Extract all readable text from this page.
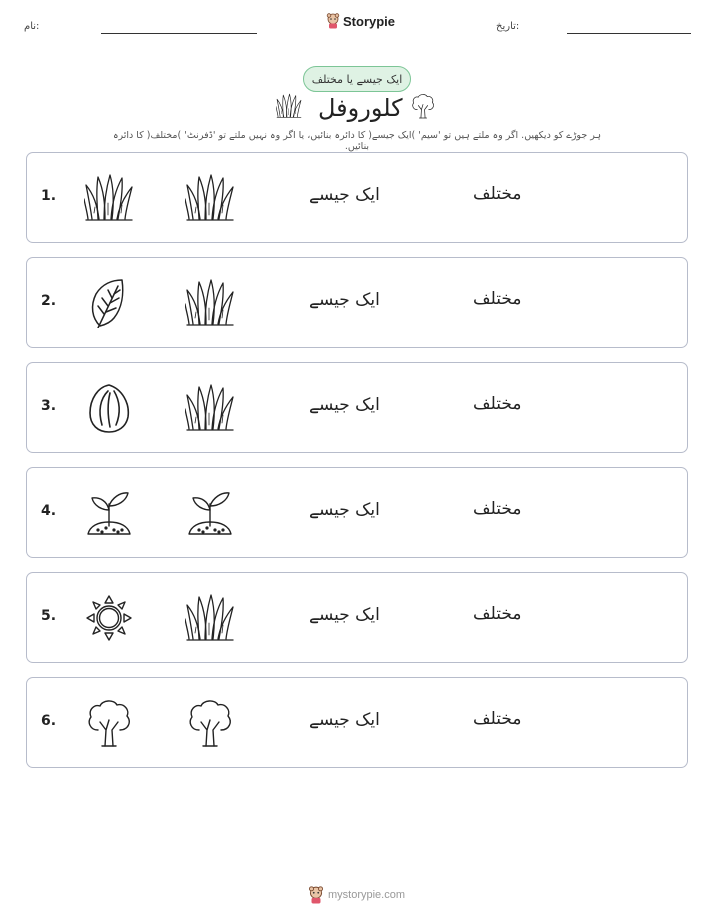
نام:	Storypie	تاریخ:
ایک جیسے یا مختلف
کلوروفل
ہر جوڑے کو دیکھیں. اگر وہ ملتے ہیں تو 'سیم' )ایک جیسے( کا دائرہ بنائیں، یا اگر وہ نہیں ملتے تو 'ڈفرنٹ' )مختلف( کا دائرہ بنائیں.
1.	ایک جیسے	مختلف
2.	ایک جیسے	مختلف
3.	ایک جیسے	مختلف
4.	ایک جیسے	مختلف
5.	ایک جیسے	مختلف
6.	ایک جیسے	مختلف
mystorypie.com
